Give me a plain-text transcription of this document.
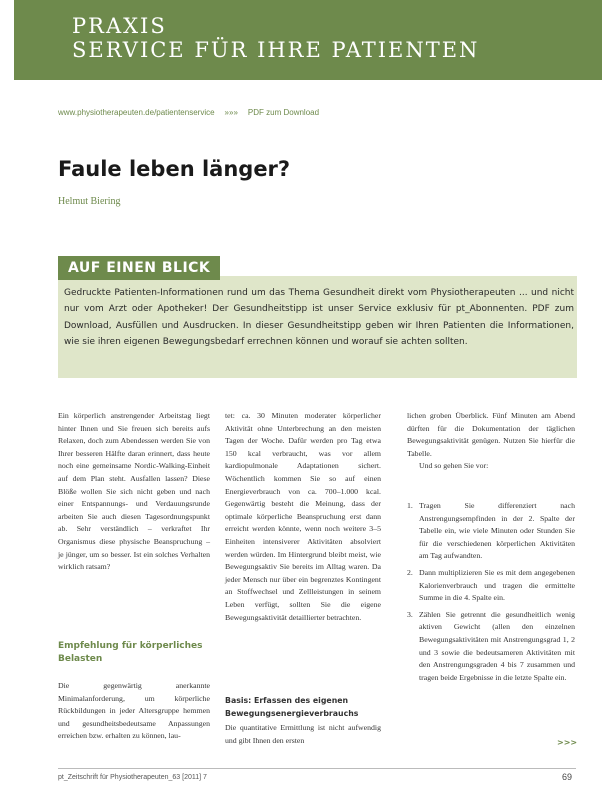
PRAXIS
SERVICE FÜR IHRE PATIENTEN
www.physiotherapeuten.de/patientenservice »»» PDF zum Download
Faule leben länger?
Helmut Biering
AUF EINEN BLICK
Gedruckte Patienten-Informationen rund um das Thema Gesundheit direkt vom Physiotherapeuten ... und nicht nur vom Arzt oder Apotheker! Der Gesundheitstipp ist unser Service exklusiv für pt_Abonnenten. PDF zum Download, Ausfüllen und Ausdrucken. In dieser Gesundheitstipp geben wir Ihren Patienten die Informationen, wie sie ihren eigenen Bewegungsbedarf errechnen können und worauf sie achten sollten.

Ein körperlich anstrengender Arbeitstag liegt hinter Ihnen und Sie freuen sich bereits aufs Relaxen, doch zum Abendessen werden Sie von Ihrer besseren Hälfte daran erinnert, dass heute noch eine gemeinsame Nordic-Walking-Einheit auf dem Plan steht. Ausfallen lassen? Diese Blöße wollen Sie sich nicht geben und nach einer Entspannungs- und Verdauungsrunde arbeiten Sie auch diesen Tagesordnungspunkt ab. Sehr verständlich – verkraftet Ihr Organismus diese physische Beanspruchung – je jünger, um so besser. Ist ein solches Verhalten wirklich ratsam?

Empfehlung für körperliches Belasten

Die gegenwärtig anerkannte Minimalanforderung, um körperliche Rückbildungen in jeder Altersgruppe hemmen und gesundheitsbedeutsame Anpassungen erreichen bzw. erhalten zu können, lau-

tet: ca. 30 Minuten moderater körperlicher Aktivität ohne Unterbrechung an den meisten Tagen der Woche. Dafür werden pro Tag etwa 150 kcal verbraucht, was vor allem kardiopulmonale Adaptationen sichert. Wöchentlich kommen Sie so auf einen Energieverbrauch von ca. 700–1.000 kcal. Gegenwärtig besteht die Meinung, dass der optimale körperliche Beanspruchung erst dann erreicht werden könnte, wenn noch weitere 3–5 Einheiten intensiverer Aktivitäten absolviert werden würden. Im Hintergrund bleibt meist, wie Bewegungsaktiv Sie bereits im Alltag waren. Da jeder Mensch nur über ein begrenztes Kontingent an Stoffwechsel und Zellleistungen in seinem Leben verfügt, sollten Sie die eigene Bewegungsaktivität detaillierter betrachten.

Basis: Erfassen des eigenen Bewegungsenergieverbrauchs

Die quantitative Ermittlung ist nicht aufwendig und gibt Ihnen den ersten

lichen groben Überblick. Fünf Minuten am Abend dürften für die Dokumentation der täglichen Bewegungsaktivität genügen. Nutzen Sie hierfür die Tabelle.

Und so gehen Sie vor:

1. Tragen Sie differenziert nach Anstrengungsempfinden in der 2. Spalte der Tabelle ein, wie viele Minuten oder Stunden Sie für die verschiedenen körperlichen Aktivitäten am Tag aufwandten.
2. Dann multiplizieren Sie es mit dem angegebenen Kalorienverbrauch und tragen die ermittelte Summe in die 4. Spalte ein.
3. Zählen Sie getrennt die gesundheitlich wenig aktiven Gewicht (allen den einzelnen Bewegungsaktivitäten mit Anstrengungsgrad 1, 2 und 3 sowie die bedeutsameren Aktivitäten mit den Anstrengungsgraden 4 bis 7 zusammen und tragen beide Ergebnisse in die letzte Spalte ein.
>>>
pt_Zeitschrift für Physiotherapeuten_63 [2011] 7	69
